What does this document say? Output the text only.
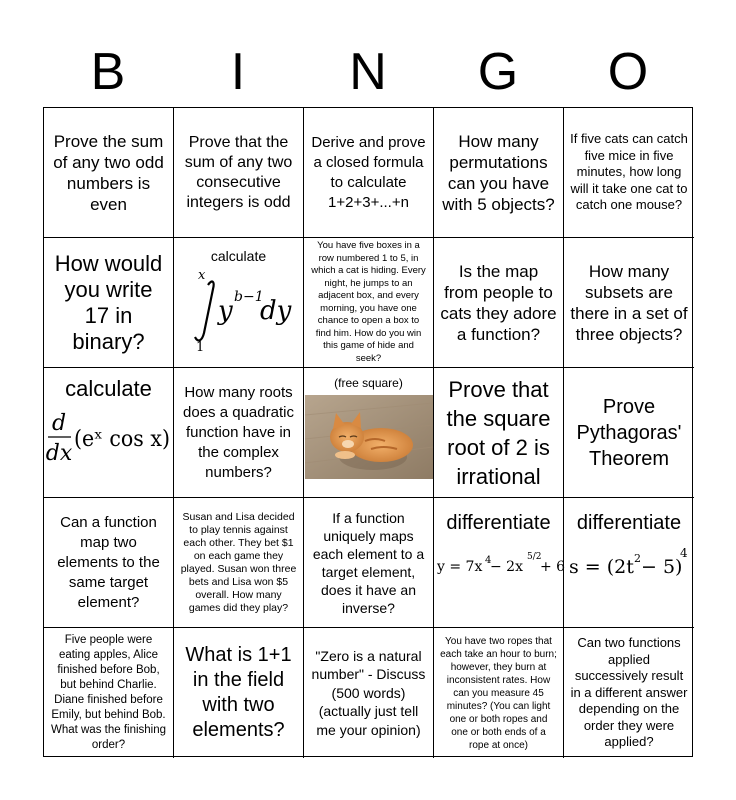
B	I	N	G	O
Prove the sum of any two odd numbers is even
Prove that the sum of any two consecutive integers is odd
Derive and prove a closed formula to calculate 1+2+3+...+n
How many permutations can you have with 5 objects?
If five cats can catch five mice in five minutes, how long will it take one cat to catch one mouse?
How would you write 17 in binary?
calculate
x
1
y b−1
dy
You have five boxes in a row numbered 1 to 5, in which a cat is hiding. Every night, he jumps to an adjacent box, and every morning, you have one chance to open a box to find him. How do you win this game of hide and seek?
Is the map from people to cats they adore a function?
How many subsets are there in a set of three objects?
calculate
d
dx
(eˣ cos x)
How many roots does a quadratic function have in the complex numbers?
(free square)	Prove that the square root of 2 is irrational
Prove Pythagoras' Theorem
Can a function map two elements to the same target element?
Susan and Lisa decided to play tennis against each other. They bet $1 on each game they played. Susan won three bets and Lisa won $5 overall. How many games did they play?
If a function uniquely maps each element to a target element, does it have an inverse?
differentiate
y = 7x 4
− 2x
5/2
+ 6
differentiate
s = (2t 2 − 5)
4
Five people were eating apples, Alice finished before Bob, but behind Charlie. Diane finished before Emily, but behind Bob. What was the finishing order?
What is 1+1 in the field with two elements?
"Zero is a natural number" - Discuss (500 words) (actually just tell me your opinion)
You have two ropes that each take an hour to burn; however, they burn at inconsistent rates. How can you measure 45 minutes? (You can light one or both ropes and one or both ends of a rope at once)
Can two functions applied successively result in a different answer depending on the order they were applied?
